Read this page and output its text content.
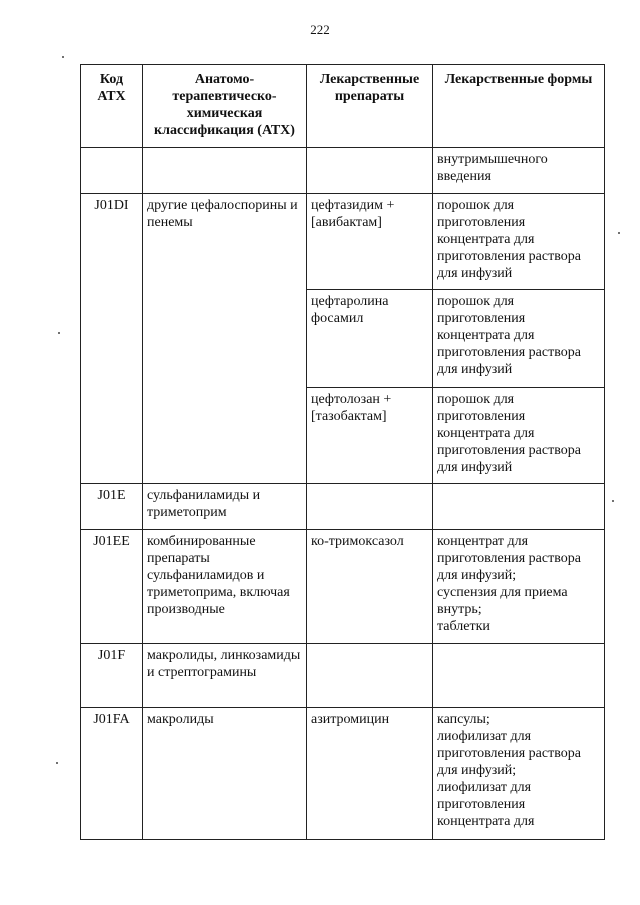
222
Код АТХ	Анатомо-терапевтическо-химическая классификация (АТХ)	Лекарственные препараты	Лекарственные формы
			внутримышечного введения
J01DI	другие цефалоспорины и пенемы	цефтазидим + [авибактам]	порошок для приготовления концентрата для приготовления раствора для инфузий
		цефтаролина фосамил	порошок для приготовления концентрата для приготовления раствора для инфузий
		цефтолозан + [тазобактам]	порошок для приготовления концентрата для приготовления раствора для инфузий
J01E	сульфаниламиды и триметоприм		
J01EE	комбинированные препараты сульфаниламидов и триметоприма, включая производные	ко-тримоксазол	концентрат для приготовления раствора для инфузий;
суспензия для приема внутрь;
таблетки
J01F	макролиды, линкозамиды и стрептограмины		
J01FA	макролиды	азитромицин	капсулы;
лиофилизат для приготовления раствора для инфузий;
лиофилизат для приготовления концентрата для
